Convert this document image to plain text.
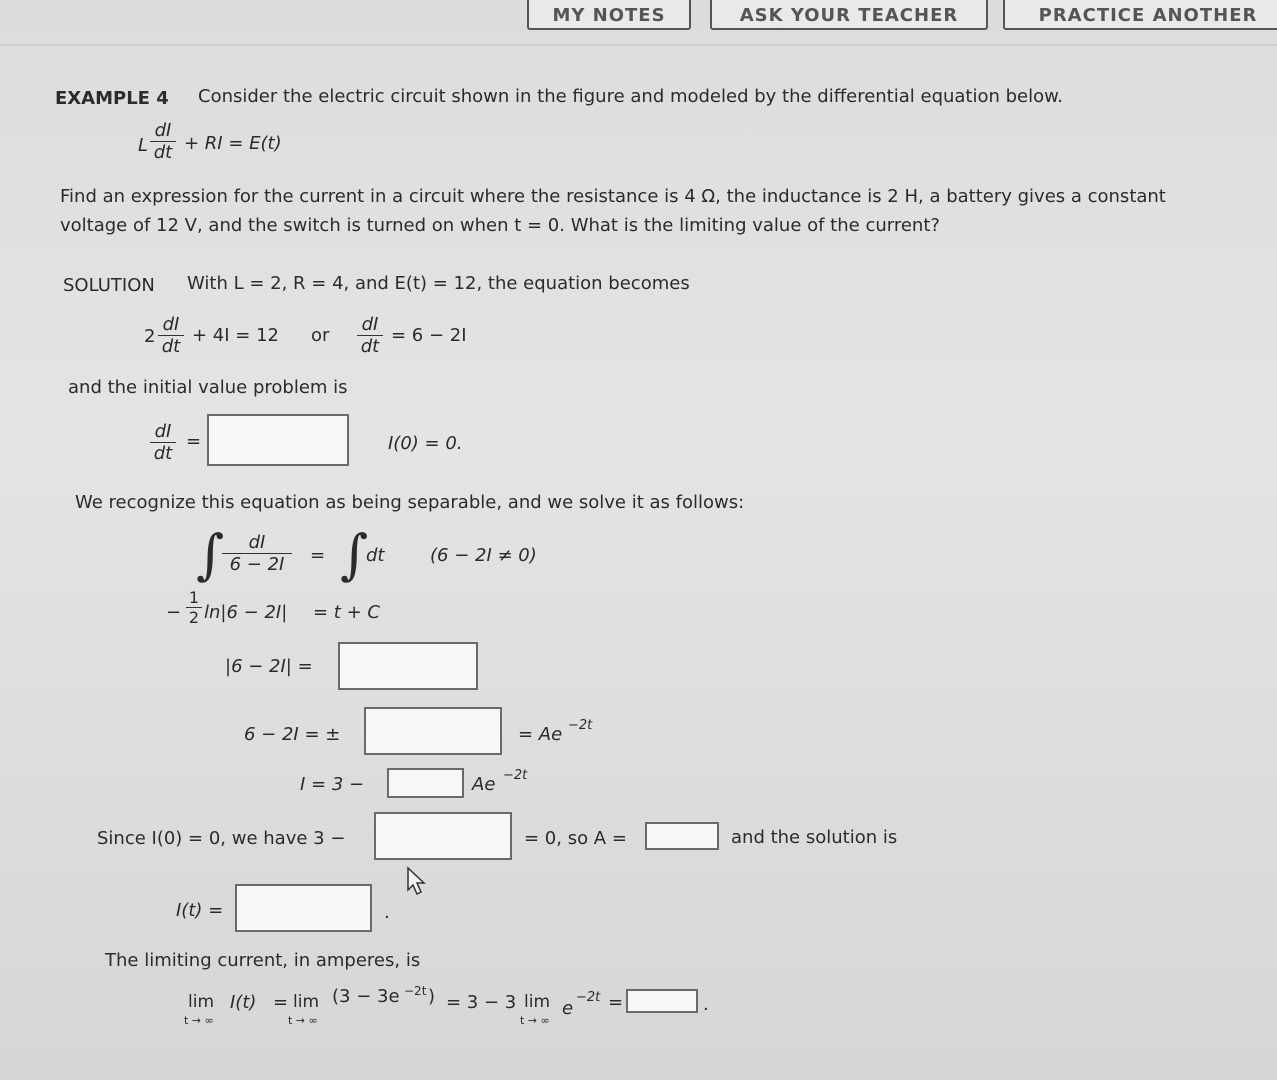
MY NOTES	ASK YOUR TEACHER	PRACTICE ANOTHER
EXAMPLE 4 Consider the electric circuit shown in the figure and modeled by the differential equation below.
L $\frac{dI}{dt}$ + RI = E(t)
Find an expression for the current in a circuit where the resistance is 4 Ω, the inductance is 2 H, a battery gives a constant
voltage of 12 V, and the switch is turned on when t = 0. What is the limiting value of the current?
SOLUTION With L = 2, R = 4, and E(t) = 12, the equation becomes
$2 \frac{dI}{dt} + 4I = 12$ or $\frac{dI}{dt} = 6 - 2I$
and the initial value problem is
$\frac{dI}{dt}$ =	I(0) = 0.
We recognize this equation as being separable, and we solve it as follows:
∫
$\frac{dI}{6 - 2I}$ = ∫
dt	(6 − 2I ≠ 0)
− $\frac{1}{2} \ln|6 - 2I| = t + C$
|6 − 2I| =
6 − 2I = ±	= Ae −2t
I = 3 −	Ae −2t
Since I(0) = 0, we have 3 −	= 0, so A =	and the solution is
I(t) =	.
The limiting current, in amperes, is
lim
t → ∞
I(t) = lim
t → ∞
(3 − 3e −2t ) = 3 − 3 lim
t → ∞
e
−2t =	.
